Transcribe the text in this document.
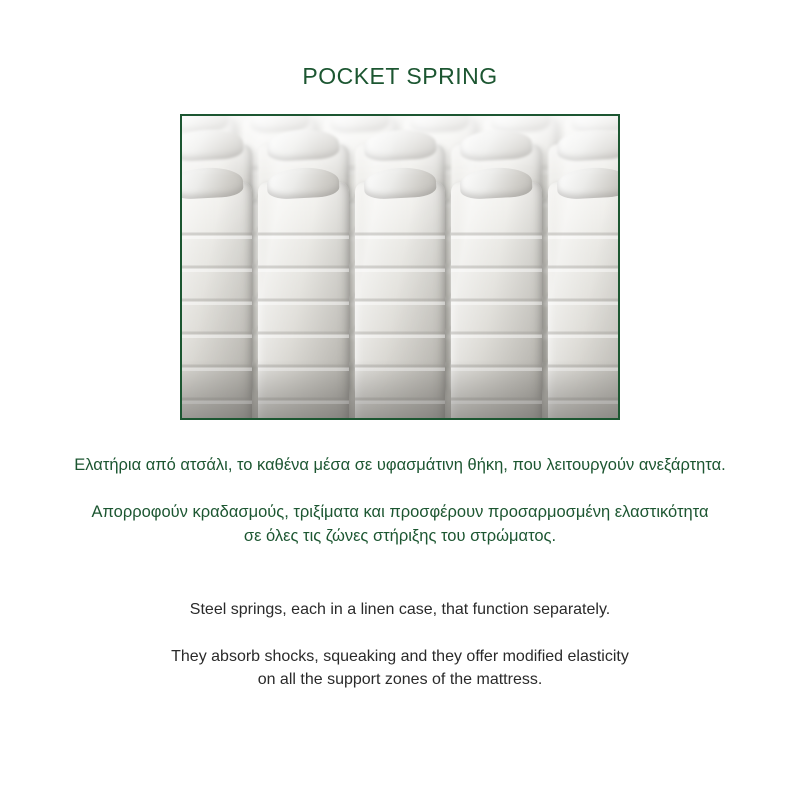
POCKET SPRING

Ελατήρια από ατσάλι, το καθένα μέσα σε υφασμάτινη θήκη, που λειτουργούν ανεξάρτητα.

Απορροφούν κραδασμούς, τριξίματα και προσφέρουν προσαρμοσμένη ελαστικότητα

σε όλες τις ζώνες στήριξης του στρώματος.

Steel springs, each in a linen case, that function separately.

They absorb shocks, squeaking and they offer modified elasticity

on all the support zones of the mattress.
